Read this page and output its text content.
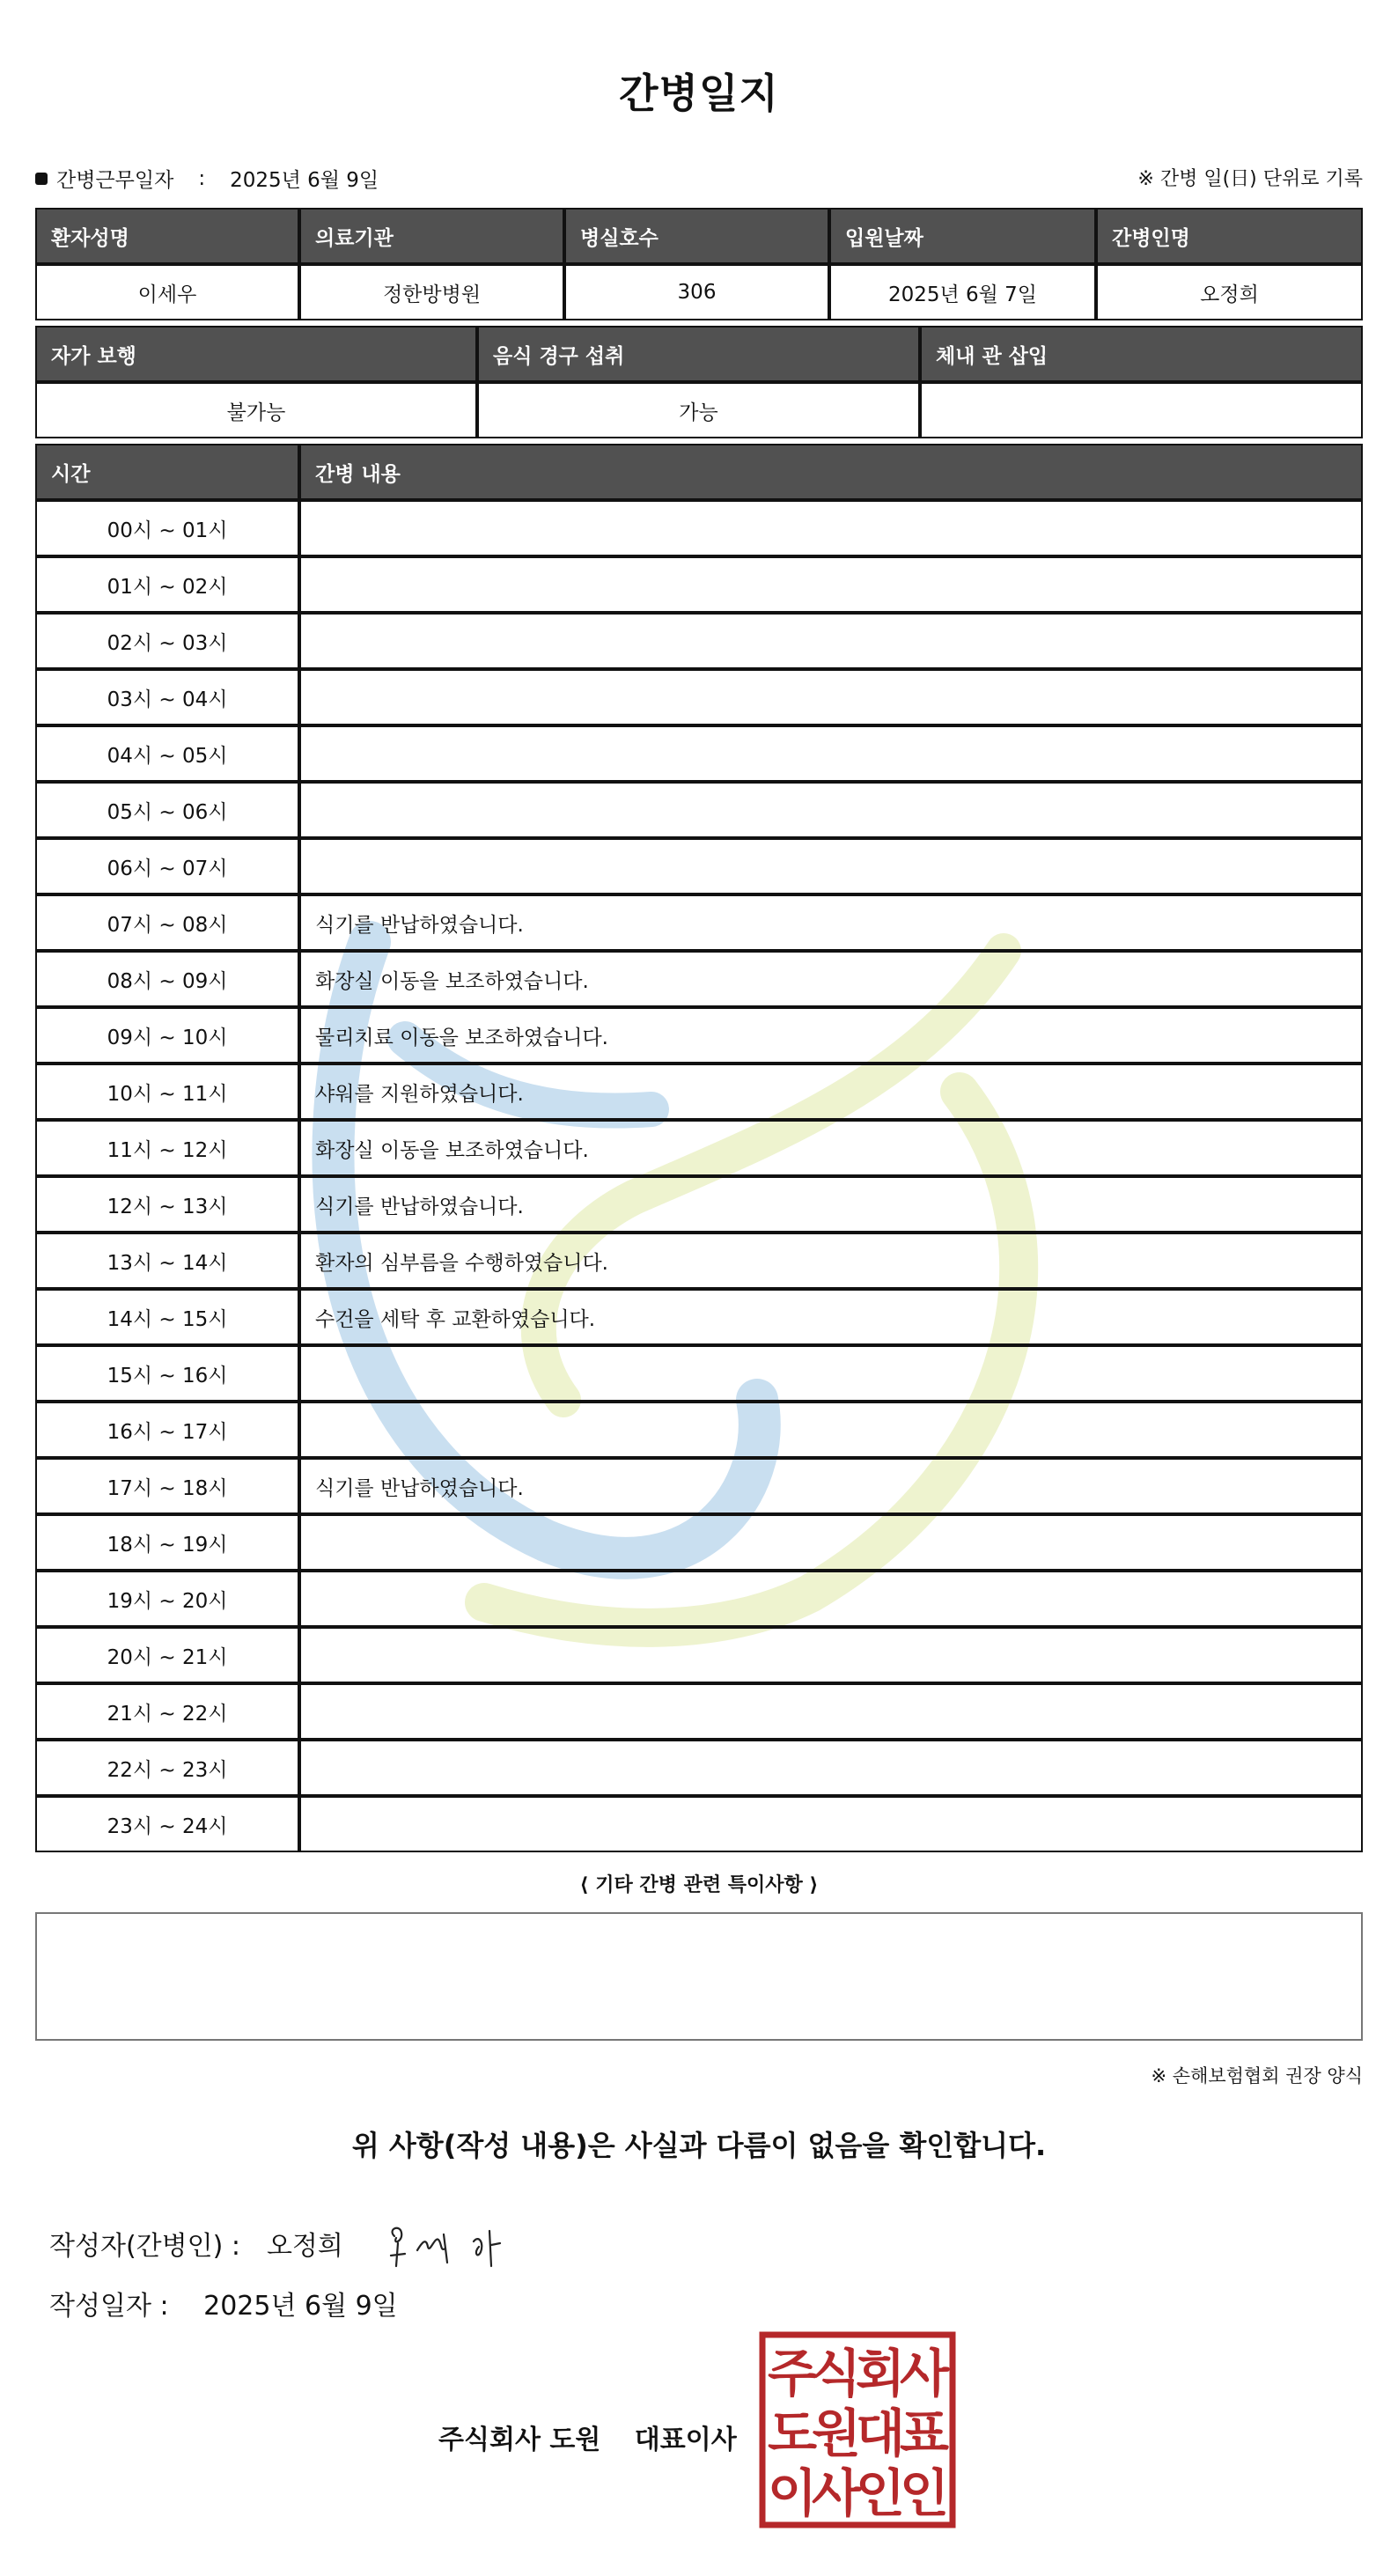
간병일지
간병근무일자 : 2025년 6월 9일	※ 간병 일(日) 단위로 기록
환자성명	의료기관	병실호수	입원날짜	간병인명
이세우	정한방병원	306	2025년 6월 7일	오정희
자가 보행	음식 경구 섭취	체내 관 삽입
불가능	가능
시간	간병 내용
00시 ~ 01시
01시 ~ 02시
02시 ~ 03시
03시 ~ 04시
04시 ~ 05시
05시 ~ 06시
06시 ~ 07시
07시 ~ 08시	식기를 반납하였습니다.
08시 ~ 09시	화장실 이동을 보조하였습니다.
09시 ~ 10시	물리치료 이동을 보조하였습니다.
10시 ~ 11시	샤워를 지원하였습니다.
11시 ~ 12시	화장실 이동을 보조하였습니다.
12시 ~ 13시	식기를 반납하였습니다.
13시 ~ 14시	환자의 심부름을 수행하였습니다.
14시 ~ 15시	수건을 세탁 후 교환하였습니다.
15시 ~ 16시
16시 ~ 17시
17시 ~ 18시	식기를 반납하였습니다.
18시 ~ 19시
19시 ~ 20시
20시 ~ 21시
21시 ~ 22시
22시 ~ 23시
23시 ~ 24시
⟨ 기타 간병 관련 특이사항 ⟩
※ 손해보험협회 권장 양식
위 사항(작성 내용)은 사실과 다름이 없음을 확인합니다.
작성자(간병인) : 오정희
작성일자 : 2025년 6월 9일
주식회사 도원 대표이사
주
식
회
사
도
원
대
표
이
사
인
인
